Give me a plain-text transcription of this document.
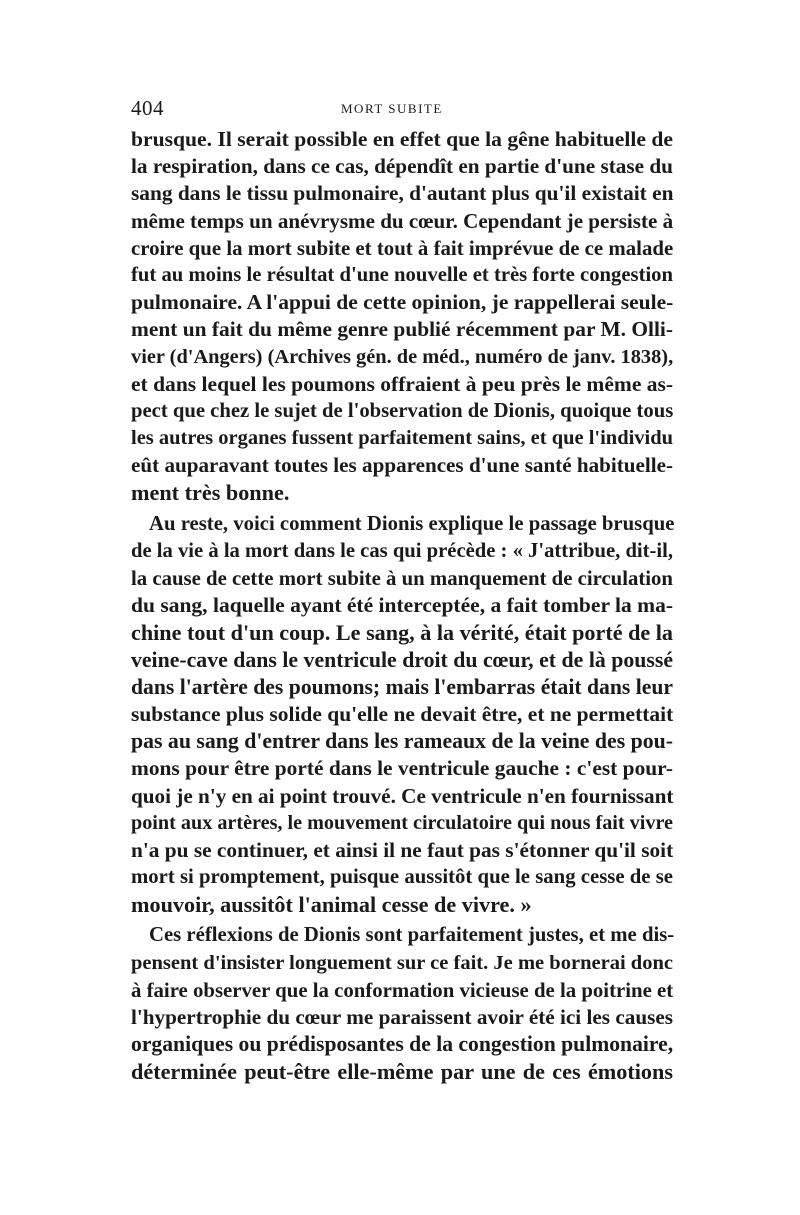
404	MORT SUBITE
brusque. Il serait possible en effet que la gêne habituelle de
la respiration, dans ce cas, dépendît en partie d'une stase du
sang dans le tissu pulmonaire, d'autant plus qu'il existait en
même temps un anévrysme du cœur. Cependant je persiste à
croire que la mort subite et tout à fait imprévue de ce malade
fut au moins le résultat d'une nouvelle et très forte congestion
pulmonaire. A l'appui de cette opinion, je rappellerai seule-
ment un fait du même genre publié récemment par M. Olli-
vier (d'Angers) (Archives gén. de méd., numéro de janv. 1838),
et dans lequel les poumons offraient à peu près le même as-
pect que chez le sujet de l'observation de Dionis, quoique tous
les autres organes fussent parfaitement sains, et que l'individu
eût auparavant toutes les apparences d'une santé habituelle-
ment très bonne.
Au reste, voici comment Dionis explique le passage brusque
de la vie à la mort dans le cas qui précède : « J'attribue, dit-il,
la cause de cette mort subite à un manquement de circulation
du sang, laquelle ayant été interceptée, a fait tomber la ma-
chine tout d'un coup. Le sang, à la vérité, était porté de la
veine-cave dans le ventricule droit du cœur, et de là poussé
dans l'artère des poumons; mais l'embarras était dans leur
substance plus solide qu'elle ne devait être, et ne permettait
pas au sang d'entrer dans les rameaux de la veine des pou-
mons pour être porté dans le ventricule gauche : c'est pour-
quoi je n'y en ai point trouvé. Ce ventricule n'en fournissant
point aux artères, le mouvement circulatoire qui nous fait vivre
n'a pu se continuer, et ainsi il ne faut pas s'étonner qu'il soit
mort si promptement, puisque aussitôt que le sang cesse de se
mouvoir, aussitôt l'animal cesse de vivre. »
Ces réflexions de Dionis sont parfaitement justes, et me dis-
pensent d'insister longuement sur ce fait. Je me bornerai donc
à faire observer que la conformation vicieuse de la poitrine et
l'hypertrophie du cœur me paraissent avoir été ici les causes
organiques ou prédisposantes de la congestion pulmonaire,
déterminée peut-être elle-même par une de ces émotions
